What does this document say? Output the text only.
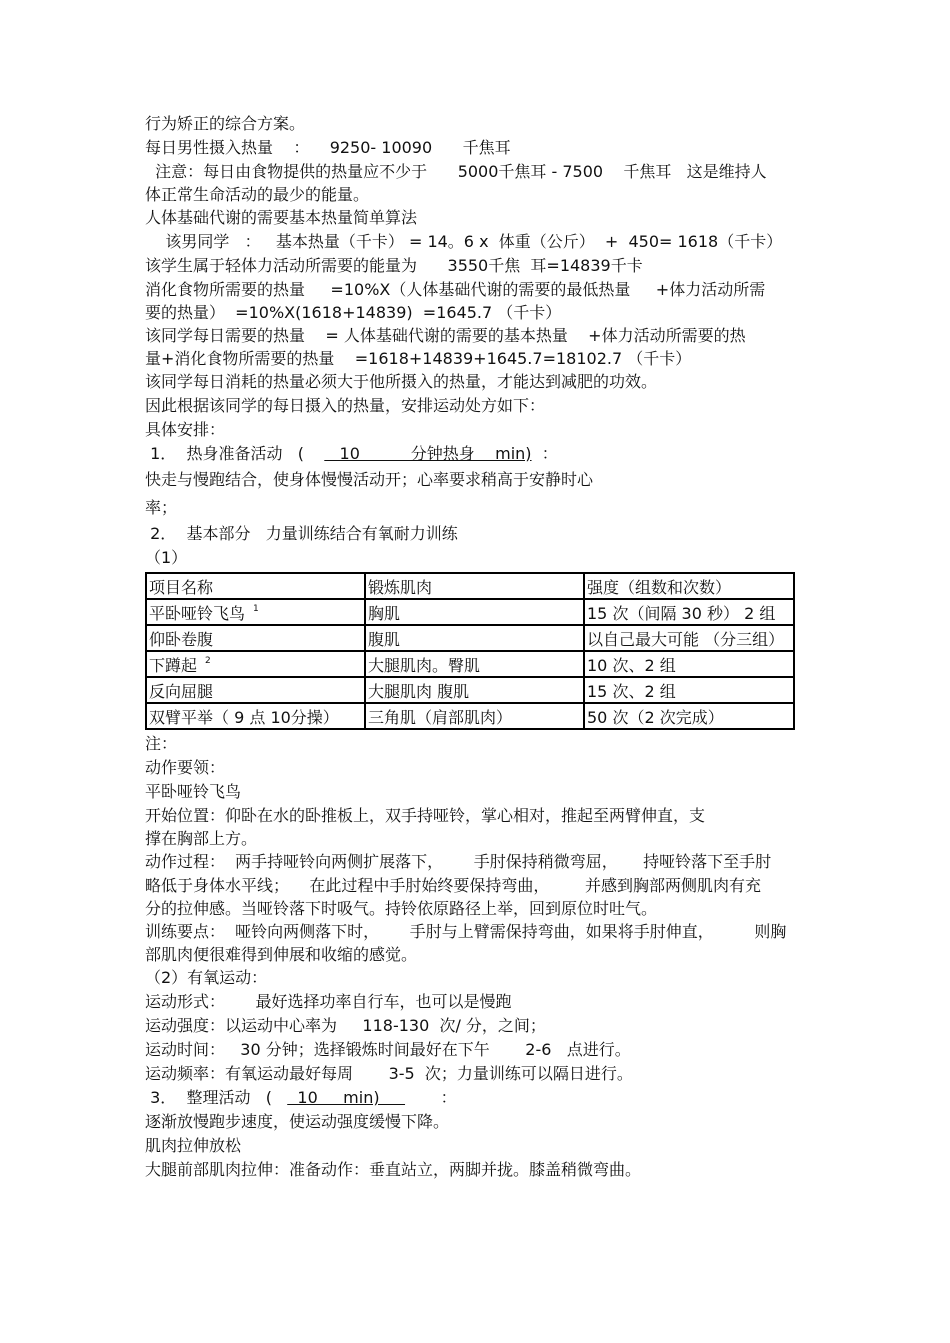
行为矫正的综合方案。
每日男性摄入热量    ：    9250- 10090      千焦耳
注意：每日由食物提供的热量应不少于      5000千焦耳 - 7500    千焦耳   这是维持人
体正常生命活动的最少的能量。
人体基础代谢的需要基本热量简单算法
该男同学   ：   基本热量（千卡） = 14。6 x  体重（公斤）  +  450= 1618（千卡）
该学生属于轻体力活动所需要的能量为      3550千焦  耳=14839千卡
消化食物所需要的热量     =10%X（人体基础代谢的需要的最低热量     +体力活动所需
要的热量）  =10%X(1618+14839)  =1645.7 （千卡）
该同学每日需要的热量    = 人体基础代谢的需要的基本热量    +体力活动所需要的热
量+消化食物所需要的热量    =1618+14839+1645.7=18102.7 （千卡）
该同学每日消耗的热量必须大于他所摄入的热量，才能达到减肥的功效。
因此根据该同学的每日摄入的热量，安排运动处方如下：
具体安排：
1．  热身准备活动   (       10          分钟热身    min)  ：
快走与慢跑结合，使身体慢慢活动开；心率要求稍高于安静时心
率；
2．  基本部分   力量训练结合有氧耐力训练
（1）
项目名称	锻炼肌肉	强度（组数和次数）
平卧哑铃飞鸟 $^1$	胸肌	15 次（间隔 30 秒） 2 组
仰卧卷腹	腹肌	以自己最大可能 （分三组）
下蹲起 $^2$	大腿肌肉。臀肌	10 次、2 组
反向屈腿	大腿肌肉 腹肌	15 次、2 组
双臂平举（ 9 点 10分操）	三角肌（肩部肌肉）	50 次（2 次完成）
注：
动作要领：
平卧哑铃飞鸟
开始位置：仰卧在水的卧推板上，双手持哑铃，掌心相对，推起至两臂伸直，支
撑在胸部上方。
动作过程：  两手持哑铃向两侧扩展落下，      手肘保持稍微弯屈，     持哑铃落下至手肘
略低于身体水平线；    在此过程中手肘始终要保持弯曲，       并感到胸部两侧肌肉有充
分的拉伸感。当哑铃落下时吸气。持铃依原路径上举，回到原位时吐气。
训练要点：  哑铃向两侧落下时，      手肘与上臂需保持弯曲，如果将手肘伸直，        则胸
部肌肉便很难得到伸展和收缩的感觉。
（2）有氧运动：
运动形式：      最好选择功率自行车，也可以是慢跑
运动强度：以运动中心率为     118-130  次/ 分，之间；
运动时间：   30 分钟；选择锻炼时间最好在下午       2-6   点进行。
运动频率：有氧运动最好每周       3-5  次；力量训练可以隔日进行。
3．  整理活动   (     10     min)            ：
逐渐放慢跑步速度，使运动强度缓慢下降。
肌肉拉伸放松
大腿前部肌肉拉伸：准备动作：垂直站立，两脚并拢。膝盖稍微弯曲。
